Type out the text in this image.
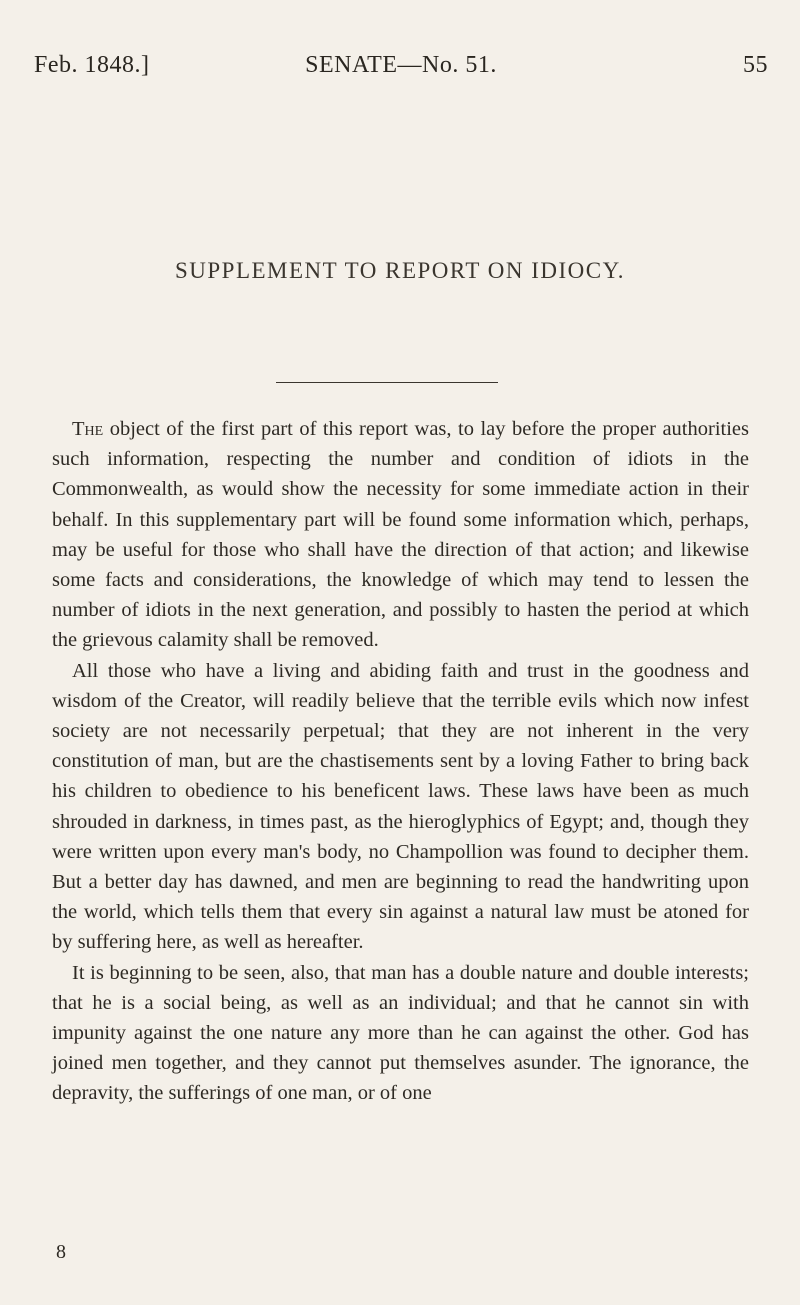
Feb. 1848.]	SENATE—No. 51.	55
SUPPLEMENT TO REPORT ON IDIOCY.

The object of the first part of this report was, to lay before the proper authorities such information, respecting the number and condition of idiots in the Commonwealth, as would show the necessity for some immediate action in their behalf. In this supplementary part will be found some information which, perhaps, may be useful for those who shall have the direction of that action; and likewise some facts and considerations, the knowledge of which may tend to lessen the number of idiots in the next generation, and possibly to hasten the period at which the grievous calamity shall be removed.

All those who have a living and abiding faith and trust in the goodness and wisdom of the Creator, will readily believe that the terrible evils which now infest society are not necessarily perpetual; that they are not inherent in the very constitution of man, but are the chastisements sent by a loving Father to bring back his children to obedience to his beneficent laws. These laws have been as much shrouded in darkness, in times past, as the hieroglyphics of Egypt; and, though they were written upon every man's body, no Champollion was found to decipher them. But a better day has dawned, and men are beginning to read the handwriting upon the world, which tells them that every sin against a natural law must be atoned for by suffering here, as well as hereafter.

It is beginning to be seen, also, that man has a double nature and double interests; that he is a social being, as well as an individual; and that he cannot sin with impunity against the one nature any more than he can against the other. God has joined men together, and they cannot put themselves asunder. The ignorance, the depravity, the sufferings of one man, or of one

8
